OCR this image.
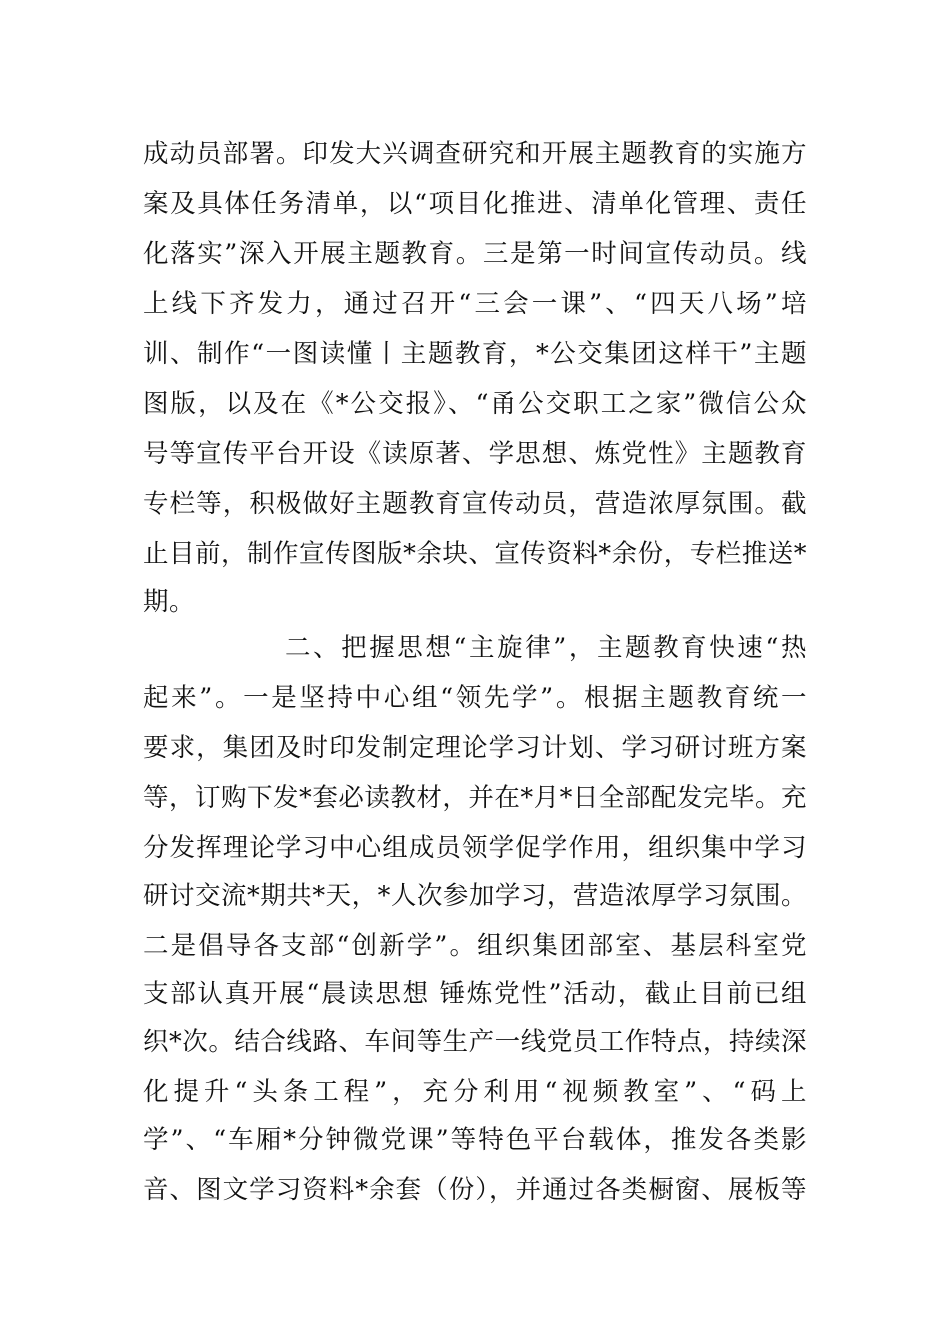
成动员部署。印发大兴调查研究和开展主题教育的实施方
案及具体任务清单，以“项目化推进、清单化管理、责任
化落实”深入开展主题教育。三是第一时间宣传动员。线
上线下齐发力，通过召开“三会一课”、“四天八场”培
训、制作“一图读懂丨主题教育，*公交集团这样干”主题
图版，以及在《*公交报》、“甬公交职工之家”微信公众
号等宣传平台开设《读原著、学思想、炼党性》主题教育
专栏等，积极做好主题教育宣传动员，营造浓厚氛围。截
止目前，制作宣传图版*余块、宣传资料*余份，专栏推送*
期。
二、把握思想“主旋律”，主题教育快速“热
起来”。一是坚持中心组“领先学”。根据主题教育统一
要求，集团及时印发制定理论学习计划、学习研讨班方案
等，订购下发*套必读教材，并在*月*日全部配发完毕。充
分发挥理论学习中心组成员领学促学作用，组织集中学习
研讨交流*期共*天，*人次参加学习，营造浓厚学习氛围。
二是倡导各支部“创新学”。组织集团部室、基层科室党
支部认真开展“晨读思想 锤炼党性”活动，截止目前已组
织*次。结合线路、车间等生产一线党员工作特点，持续深
化提升“头条工程”，充分利用“视频教室”、“码上
学”、“车厢*分钟微党课”等特色平台载体，推发各类影
音、图文学习资料*余套（份），并通过各类橱窗、展板等
